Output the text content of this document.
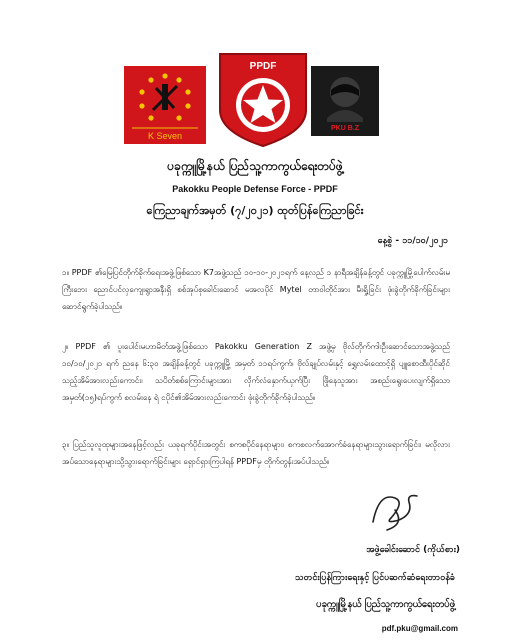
K Seven
PPDF
PKU B.Z
ပခုက္ကူမြို့နယ် ပြည်သူ့ကာကွယ်ရေးတပ်ဖွဲ့
Pakokku People Defense Force - PPDF
ကြေညာချက်အမှတ် (၇/၂၀၂၁) ထုတ်ပြန်ကြေညာခြင်း
နေ့စွဲ - ၁၁/၁၀/၂၀၂၁
၁။ PPDF ၏မြေပြင်တိုက်ခိုက်ရေးအဖွဲ့ဖြစ်သော K7အဖွဲ့သည် ၁၀-၁၀-၂၀၂၁ရက် နေ့လည် ၁ နာရီအချိန်ခန့်တွင် ပခုက္ကူမြို့ပေါက်လမ်းမကြီးဘေး ညောင်ပင်လှကျေးရွာအနီးရှိ စစ်အုပ်စုခေါင်းဆောင် မအလပိုင် Mytel တာဝါတိုင်အား မီးရှို့ခြင်း ဖုံးခွဲတိုက်ခိုက်ခြင်းများဆောင်ရွက်ခဲ့ပါသည်။
၂။ PPDF ၏ ပူးပေါင်းမဟာမိတ်အဖွဲ့ဖြစ်သော Pakokku Generation Z အဖွဲ့မှ ဗိုလ်တိုက်ကါးဦးဆောင်သောအဖွဲ့သည် ၁၀/၁၀/၂၀၂၁ ရက် ညနေ ၆:၃၀ အချိန်ခန့်တွင် ပခုက္ကူမြို့ အမှတ် ၁၁ရပ်ကွက်၊ ဗိုလ်ချုပ်လမ်းနှင့် ရွှေလမ်းထောင့်ရှိ ပျူစောထီးပိုင်ဆိုင်သည့်အိမ်အားလည်းကောင်း၊ သပိတ်စစ်ကြောင်းများအား လိုက်လံနှောက်ယှက်ပြီး ဖြိုနေသူအား အစည်းရွေးပေးလျက်ရှိသော အမှတ်(၁၅)ရပ်ကွက် စလမ်းနေ ရဲ ငပိုင်၏အိမ်အားလည်းကောင်း ဖုံးခွဲတိုက်ခိုက်ခဲ့ပါသည်။
၃။ ပြည်သူလူထုများအနေဖြင့်လည်း ယခုရက်ပိုင်းအတွင်း စကစပိုင်နေရာများ၊ စကစလက်အောက်ခံနေရာများသွားရောက်ခြင်း၊ မလိုလားအပ်သောနေရာများသို့သွားရောက်ခြင်းများ ရှောင်ရှားကြပါရန် PPDFမှ တိုက်တွန်းအပ်ပါသည်။
အဖွဲ့ခေါင်းဆောင် (ကိုယ်စား)
သတင်းပြန်ကြားရေးနှင့် ပြင်ပဆက်ဆံရေးတာဝန်ခံ
ပခုက္ကူမြို့နယ် ပြည်သူ့ကာကွယ်ရေးတပ်ဖွဲ့
pdf.pku@gmail.com
